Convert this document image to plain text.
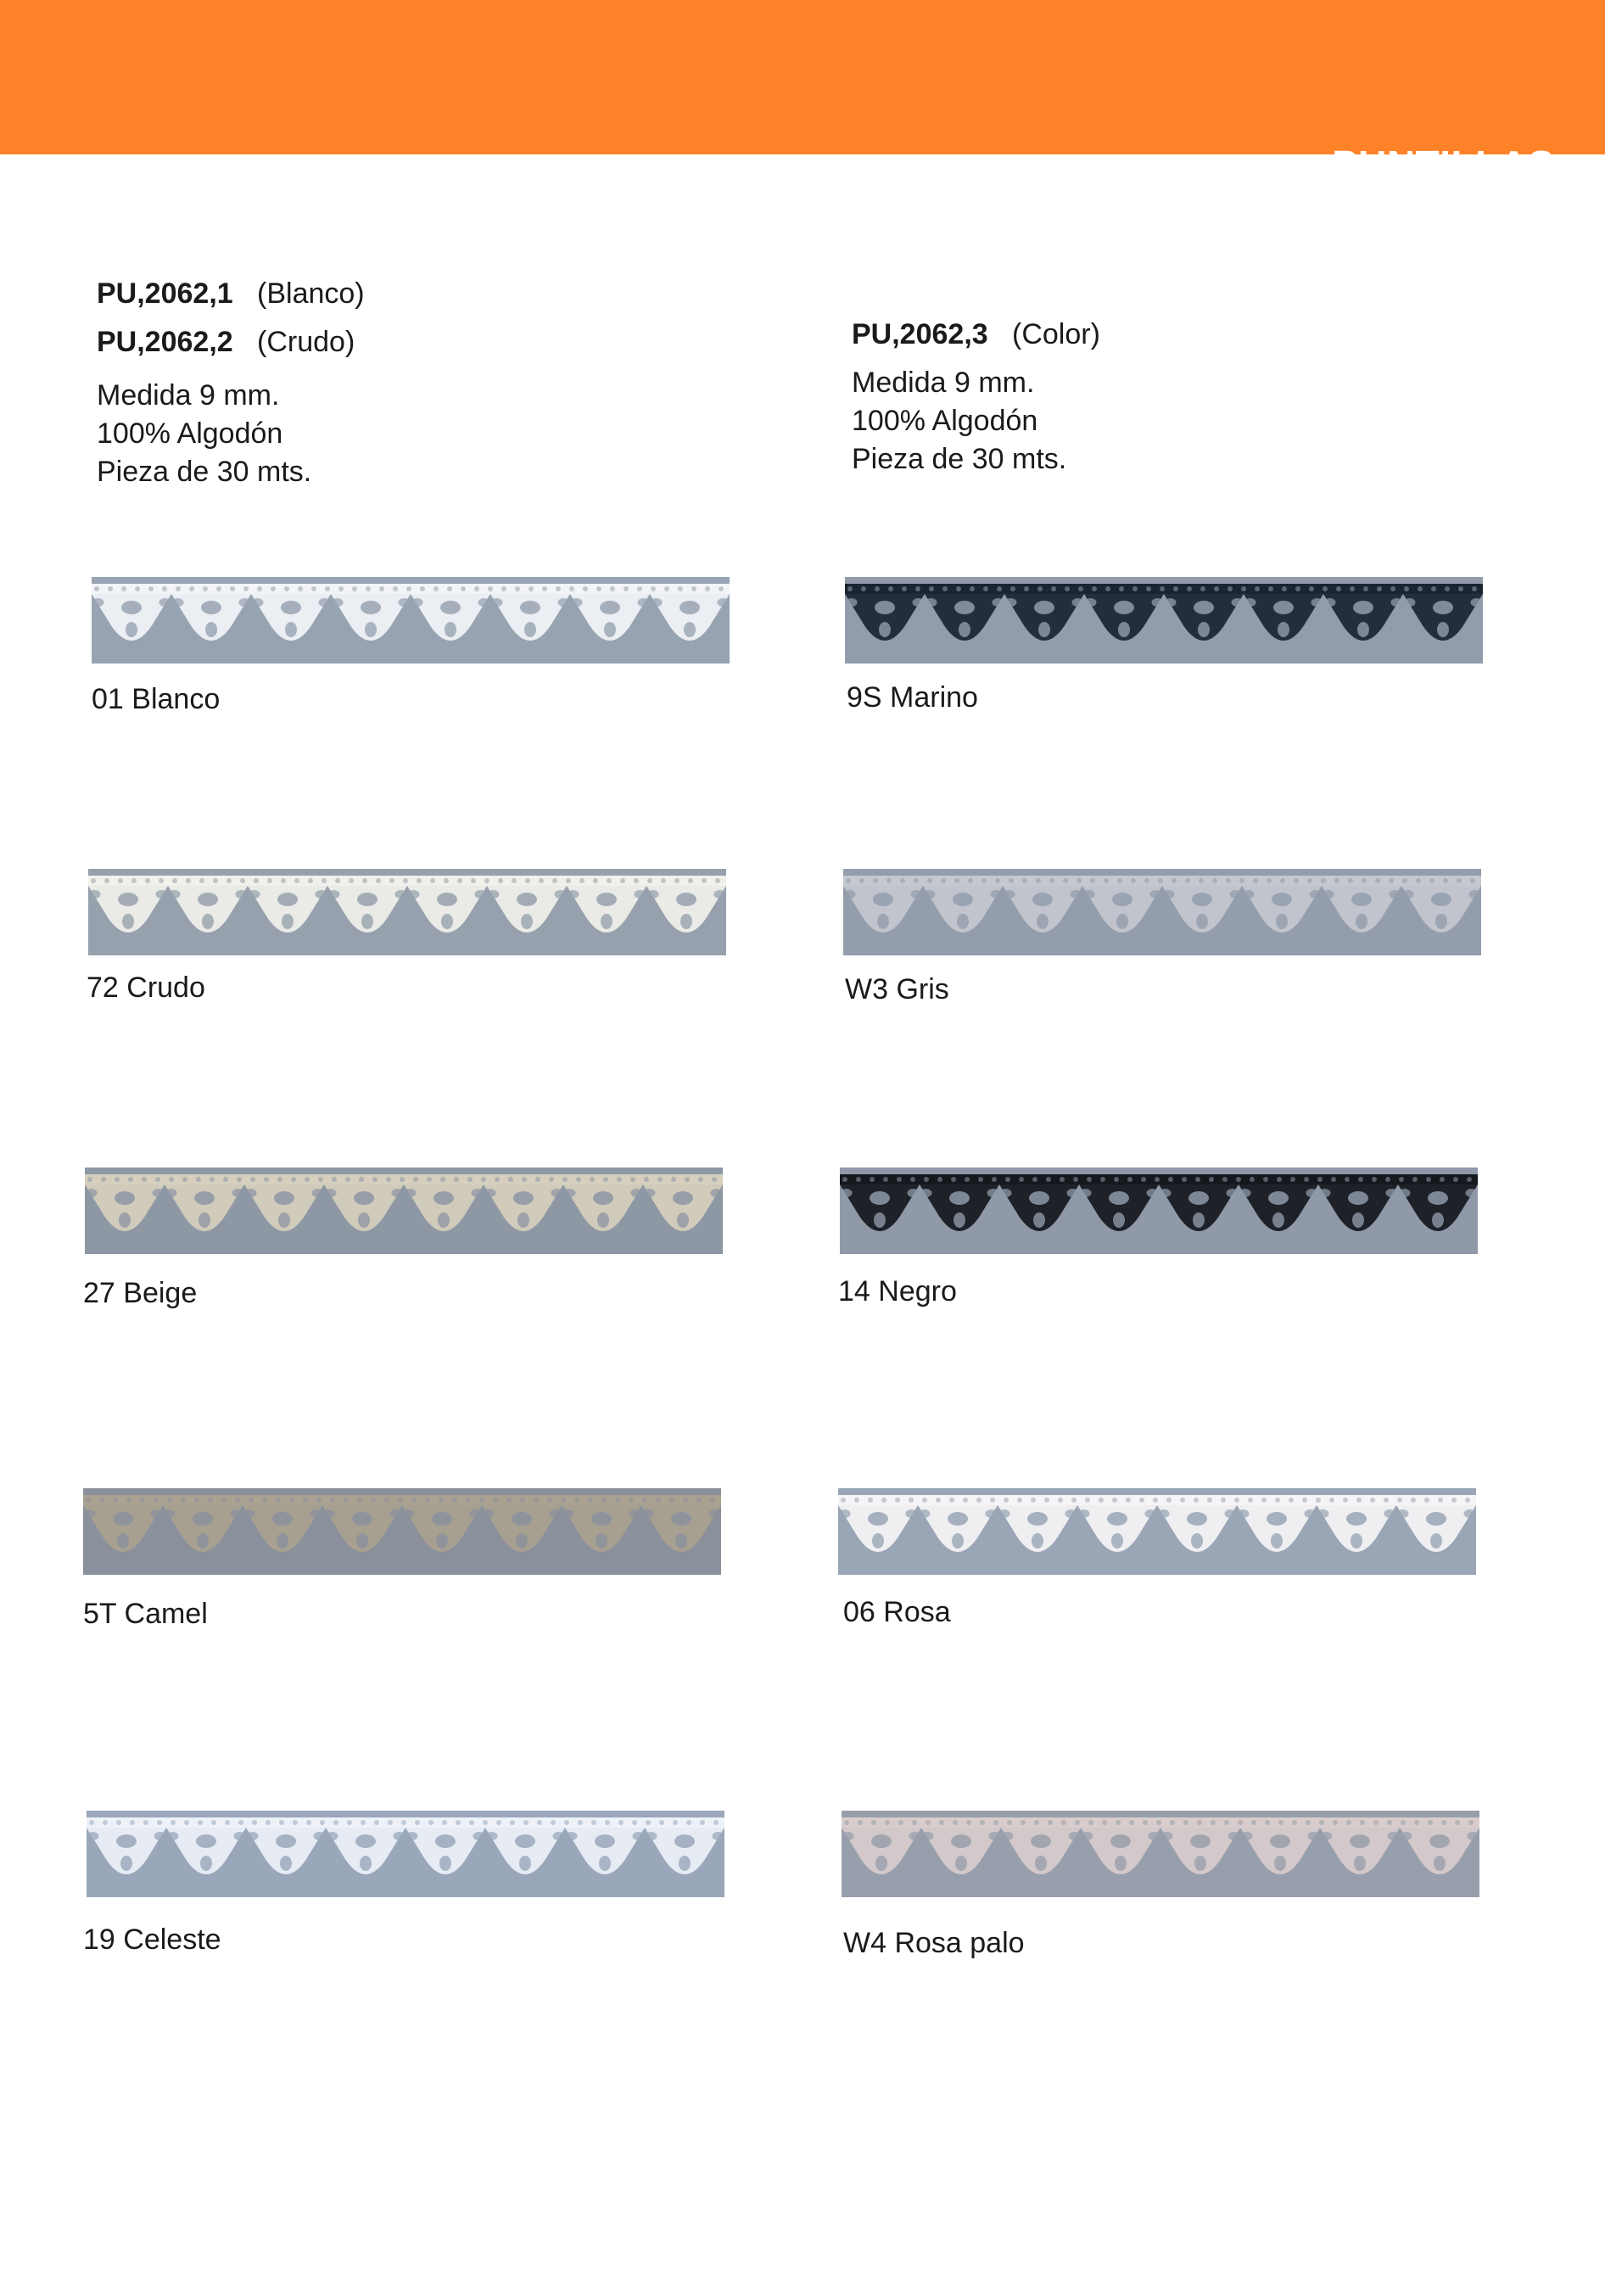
PUNTILLAS

DE  HILO

PU,2062,1 (Blanco)
PU,2062,2 (Crudo)
Medida 9 mm.
100% Algodón
Pieza de 30 mts.
PU,2062,3 (Color)
Medida 9 mm.
100% Algodón
Pieza de 30 mts.
01 Blanco
72 Crudo
27 Beige
5T Camel
19 Celeste
9S Marino
W3 Gris
14 Negro
06 Rosa
W4 Rosa palo
